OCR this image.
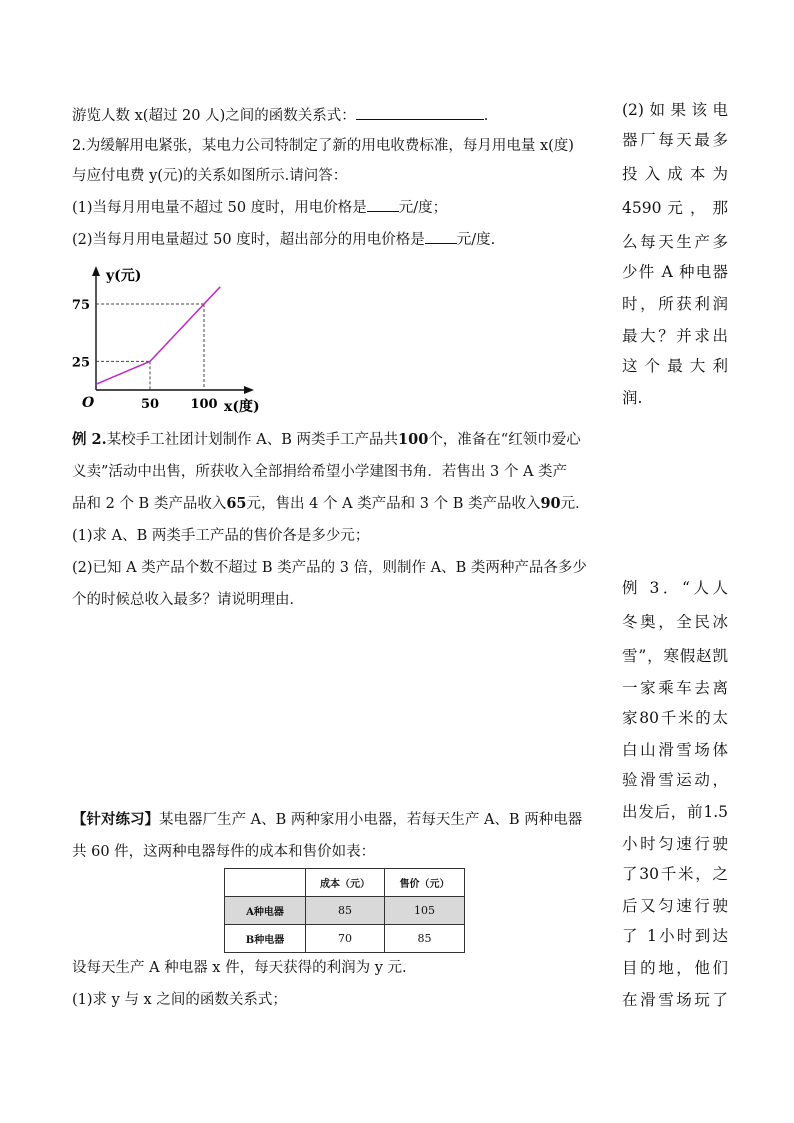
游览人数 x(超过 20 人)之间的函数关系式：	.
2.为缓解用电紧张，某电力公司特制定了新的用电收费标准，每月用电量 x(度)
与应付电费 y(元)的关系如图所示.请问答：
(1)当每月用电量不超过 50 度时，用电价格是 元/度；
(2)当每月用电量超过 50 度时，超出部分的用电价格是 元/度.
例 2.某校手工社团计划制作 A、B 两类手工产品共100个，准备在“红领巾爱心
义卖”活动中出售，所获收入全部捐给希望小学建图书角．若售出 3 个 A 类产
品和 2 个 B 类产品收入65元，售出 4 个 A 类产品和 3 个 B 类产品收入90元．
(1)求 A、B 两类手工产品的售价各是多少元；
(2)已知 A 类产品个数不超过 B 类产品的 3 倍，则制作 A、B 类两种产品各多少
个的时候总收入最多？请说明理由．
【针对练习】某电器厂生产 A、B 两种家用小电器，若每天生产 A、B 两种电器
共 60 件，这两种电器每件的成本和售价如表：
设每天生产 A 种电器 x 件，每天获得的利润为 y 元.
(1)求 y 与 x 之间的函数关系式；
50 100
25
75
O	x(度)
y(元)
	成本（元）	售价（元）
A种电器	85	105
B种电器	70	85
(2)如果该电
器厂每天最多
投 入 成 本 为
4590 元 ， 那
么每天生产多
少件 A 种电器
时，所获利润
最大？并求出
这 个 最 大 利
润.
例 3．“人人
冬奥，全民冰
雪”，寒假赵凯
一家乘车去离
家80千米的太
白山滑雪场体
验滑雪运动，
出发后，前1.5
小时匀速行驶
了30千米，之
后又匀速行驶
了 1小时到达
目的地，他们
在滑雪场玩了
